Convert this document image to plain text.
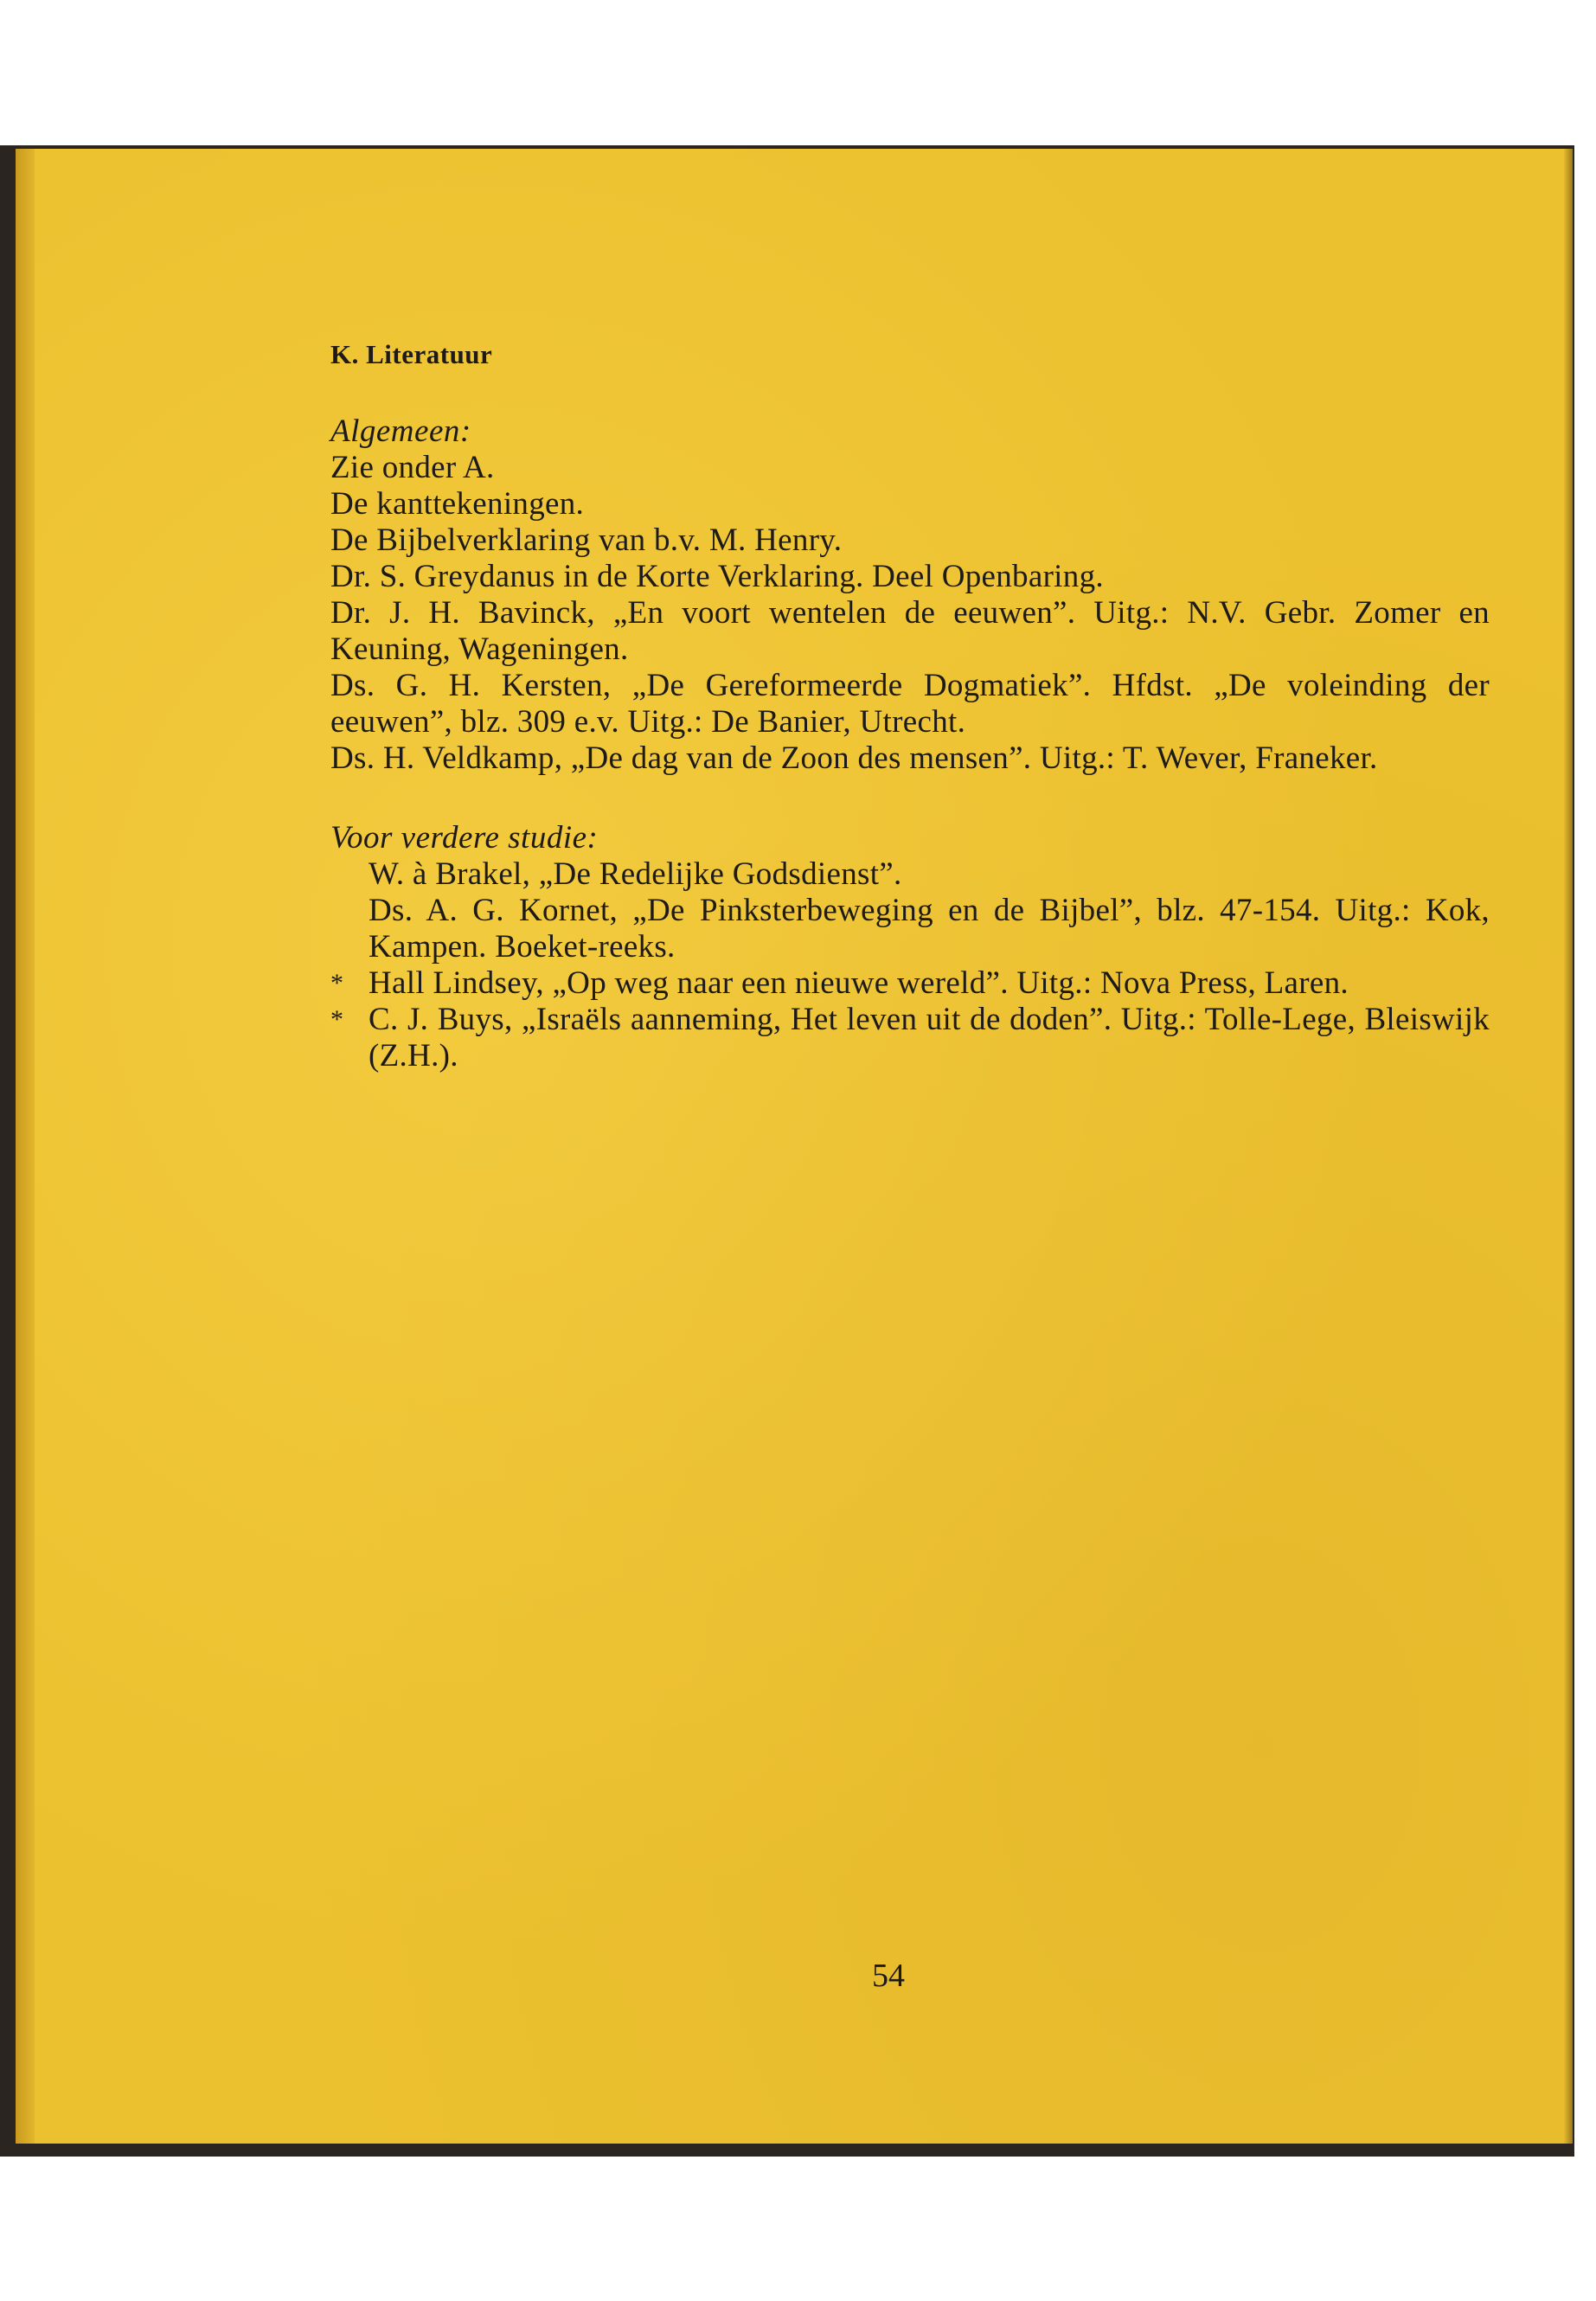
K. Literatuur

Algemeen:

Zie onder A.
De kanttekeningen.
De Bijbelverklaring van b.v. M. Henry.
Dr. S. Greydanus in de Korte Verklaring. Deel Openbaring.
Dr. J. H. Bavinck, „En voort wentelen de eeuwen”. Uitg.: N.V. Gebr. Zomer en Keuning, Wageningen.
Ds. G. H. Kersten, „De Gereformeerde Dogmatiek”. Hfdst. „De voleinding der eeuwen”, blz. 309 e.v. Uitg.: De Banier, Utrecht.
Ds. H. Veldkamp, „De dag van de Zoon des mensen”. Uitg.: T. Wever, Franeker.

Voor verdere studie:

W. à Brakel, „De Redelijke Godsdienst”.
Ds. A. G. Kornet, „De Pinksterbeweging en de Bijbel”, blz. 47-154. Uitg.: Kok, Kampen. Boeket-reeks.
* Hall Lindsey, „Op weg naar een nieuwe wereld”. Uitg.: Nova Press, Laren.
* C. J. Buys, „Israëls aanneming, Het leven uit de doden”. Uitg.: Tolle-Lege, Bleiswijk (Z.H.).
54
